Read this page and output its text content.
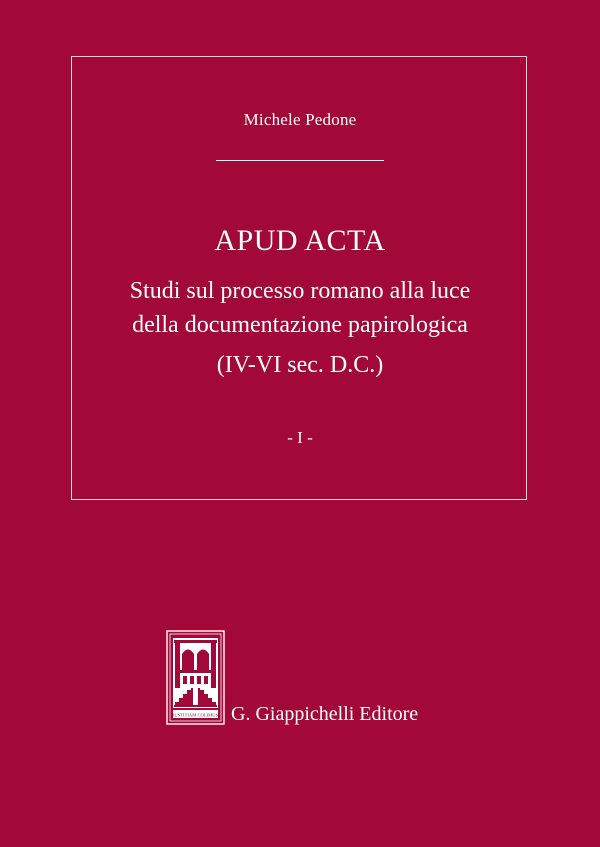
Michele Pedone
APUD ACTA
Studi sul processo romano alla luce
della documentazione papirologica
(IV-VI sec. D.C.)
- I -
IUSTITIAM COLIMUS G. Giappichelli Editore
